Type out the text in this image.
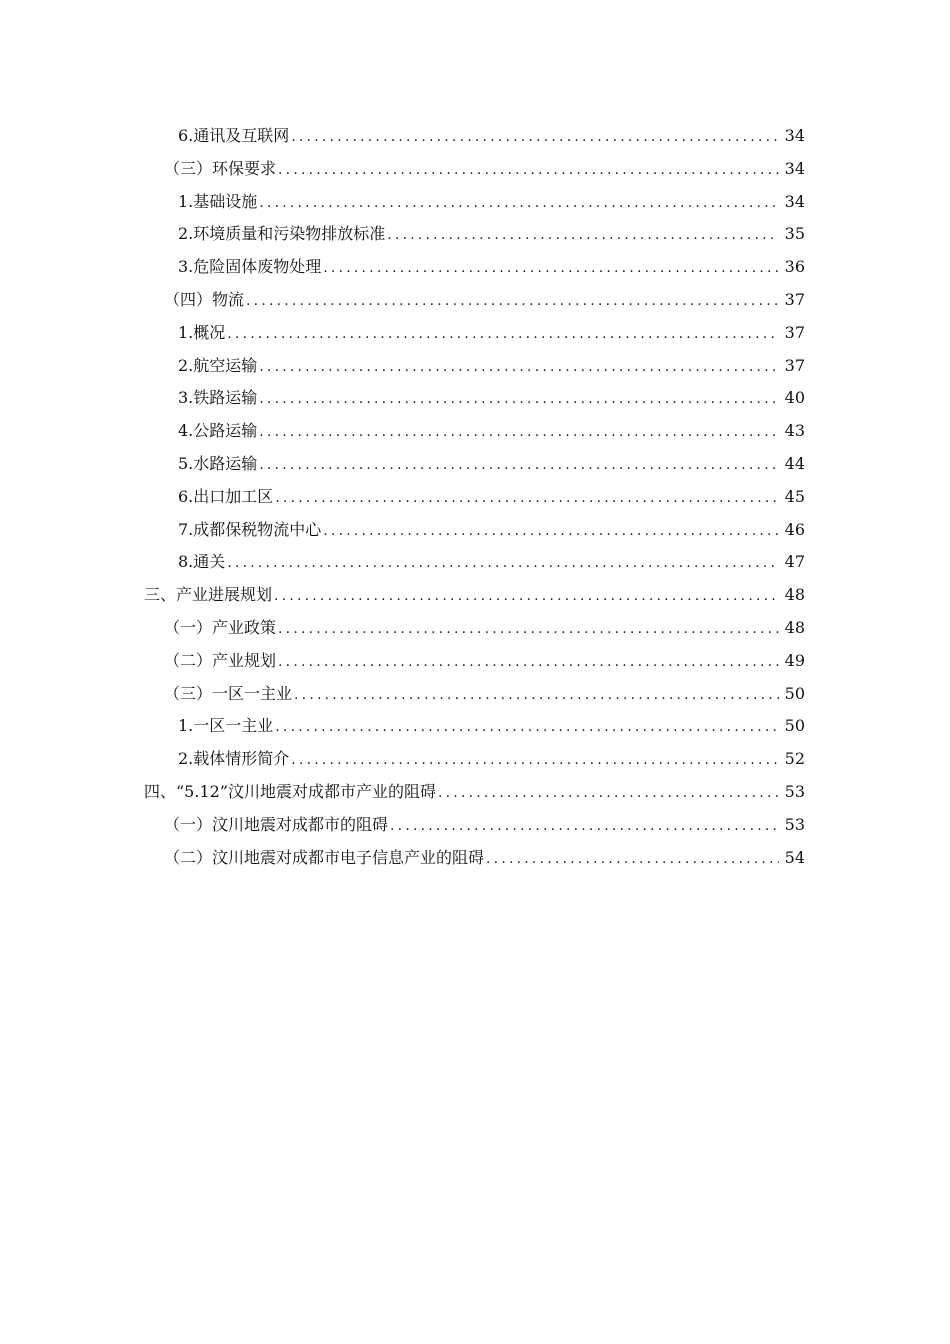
6.通讯及互联网 .....	34
（三）环保要求 .....	34
1.基础设施 .....	34
2.环境质量和污染物排放标准 .....	35
3.危险固体废物处理 .....	36
（四）物流 .....	37
1.概况 .....	37
2.航空运输 .....	37
3.铁路运输 .....	40
4.公路运输 .....	43
5.水路运输 .....	44
6.出口加工区 .....	45
7.成都保税物流中心 .....	46
8.通关 .....	47
三、产业进展规划 .....	48
（一）产业政策 .....	48
（二）产业规划 .....	49
（三）一区一主业 .....	50
1.一区一主业 .....	50
2.载体情形简介 .....	52
四、“5.12”汶川地震对成都市产业的阻碍 .....	53
（一）汶川地震对成都市的阻碍 .....	53
（二）汶川地震对成都市电子信息产业的阻碍 .....	54
